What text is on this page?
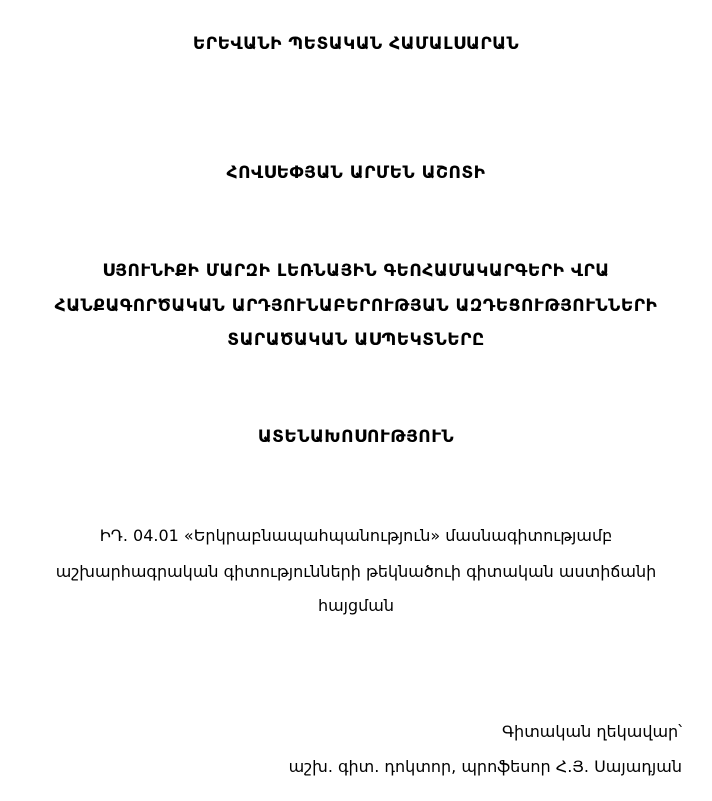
ԵՐԵՎԱՆԻ ՊԵՏԱԿԱՆ ՀԱՄԱԼՍԱՐԱՆ
ՀՈՎՍԵՓՅԱՆ ԱՐՄԵՆ ԱՇՈՏԻ
ՍՅՈՒՆԻՔԻ ՄԱՐԶԻ ԼԵՌՆԱՅԻՆ ԳԵՈՀԱՄԱԿԱՐԳԵՐԻ ՎՐԱ
ՀԱՆՔԱԳՈՐԾԱԿԱՆ ԱՐԴՅՈՒՆԱԲԵՐՈՒԹՅԱՆ ԱԶԴԵՑՈՒԹՅՈՒՆՆԵՐԻ
ՏԱՐԱԾԱԿԱՆ ԱՍՊԵԿՏՆԵՐԸ
ԱՏԵՆԱԽՈՍՈՒԹՅՈՒՆ
ԻԴ. 04.01 «Երկրաբնապահպանություն» մասնագիտությամբ
աշխարհագրական գիտությունների թեկնածուի գիտական աստիճանի
հայցման
Գիտական ղեկավար՝
աշխ. գիտ. դոկտոր, պրոֆեսոր Հ.Յ. Սայադյան
